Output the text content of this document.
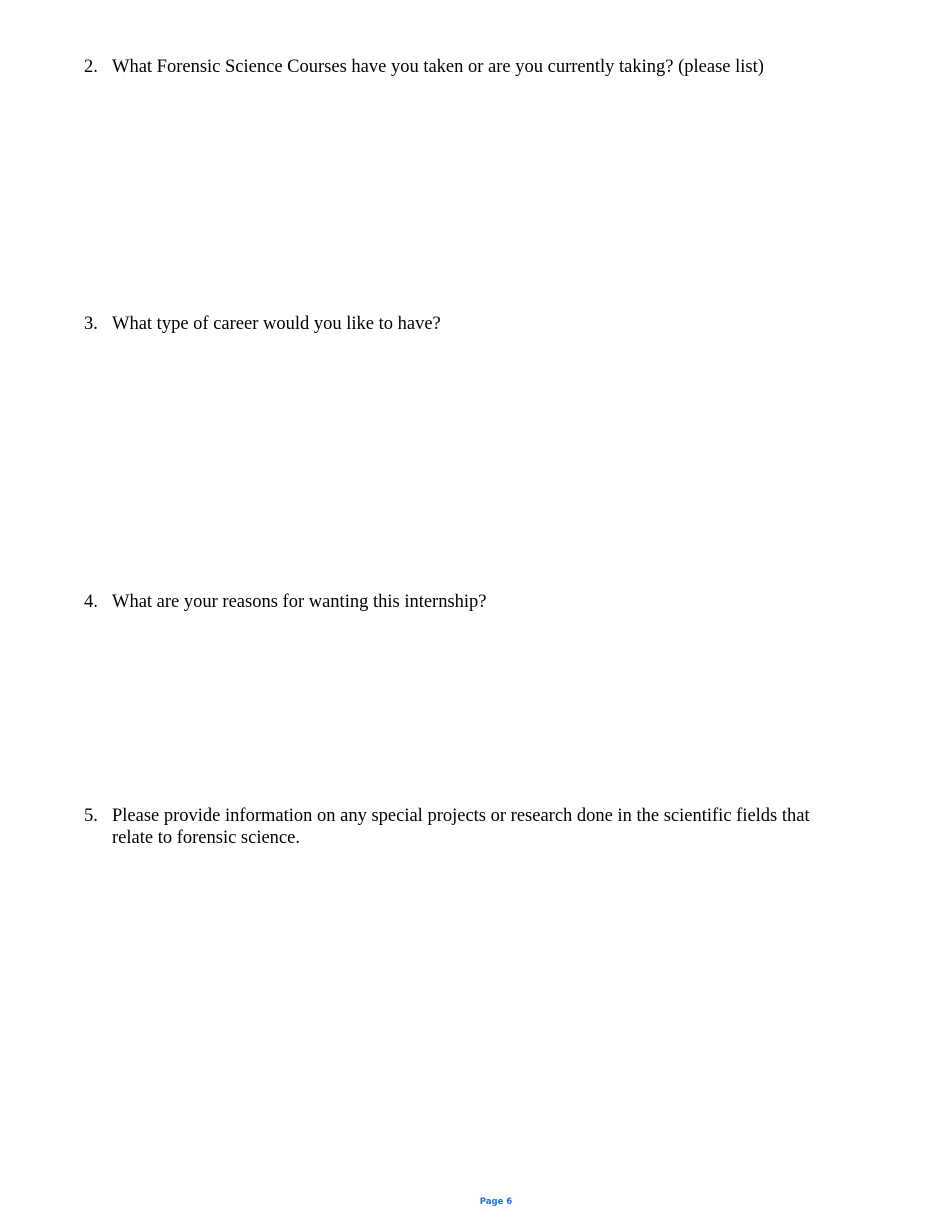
2. What Forensic Science Courses have you taken or are you currently taking? (please list)
3. What type of career would you like to have?
4. What are your reasons for wanting this internship?
5. Please provide information on any special projects or research done in the scientific fields that relate to forensic science.
Page 6
